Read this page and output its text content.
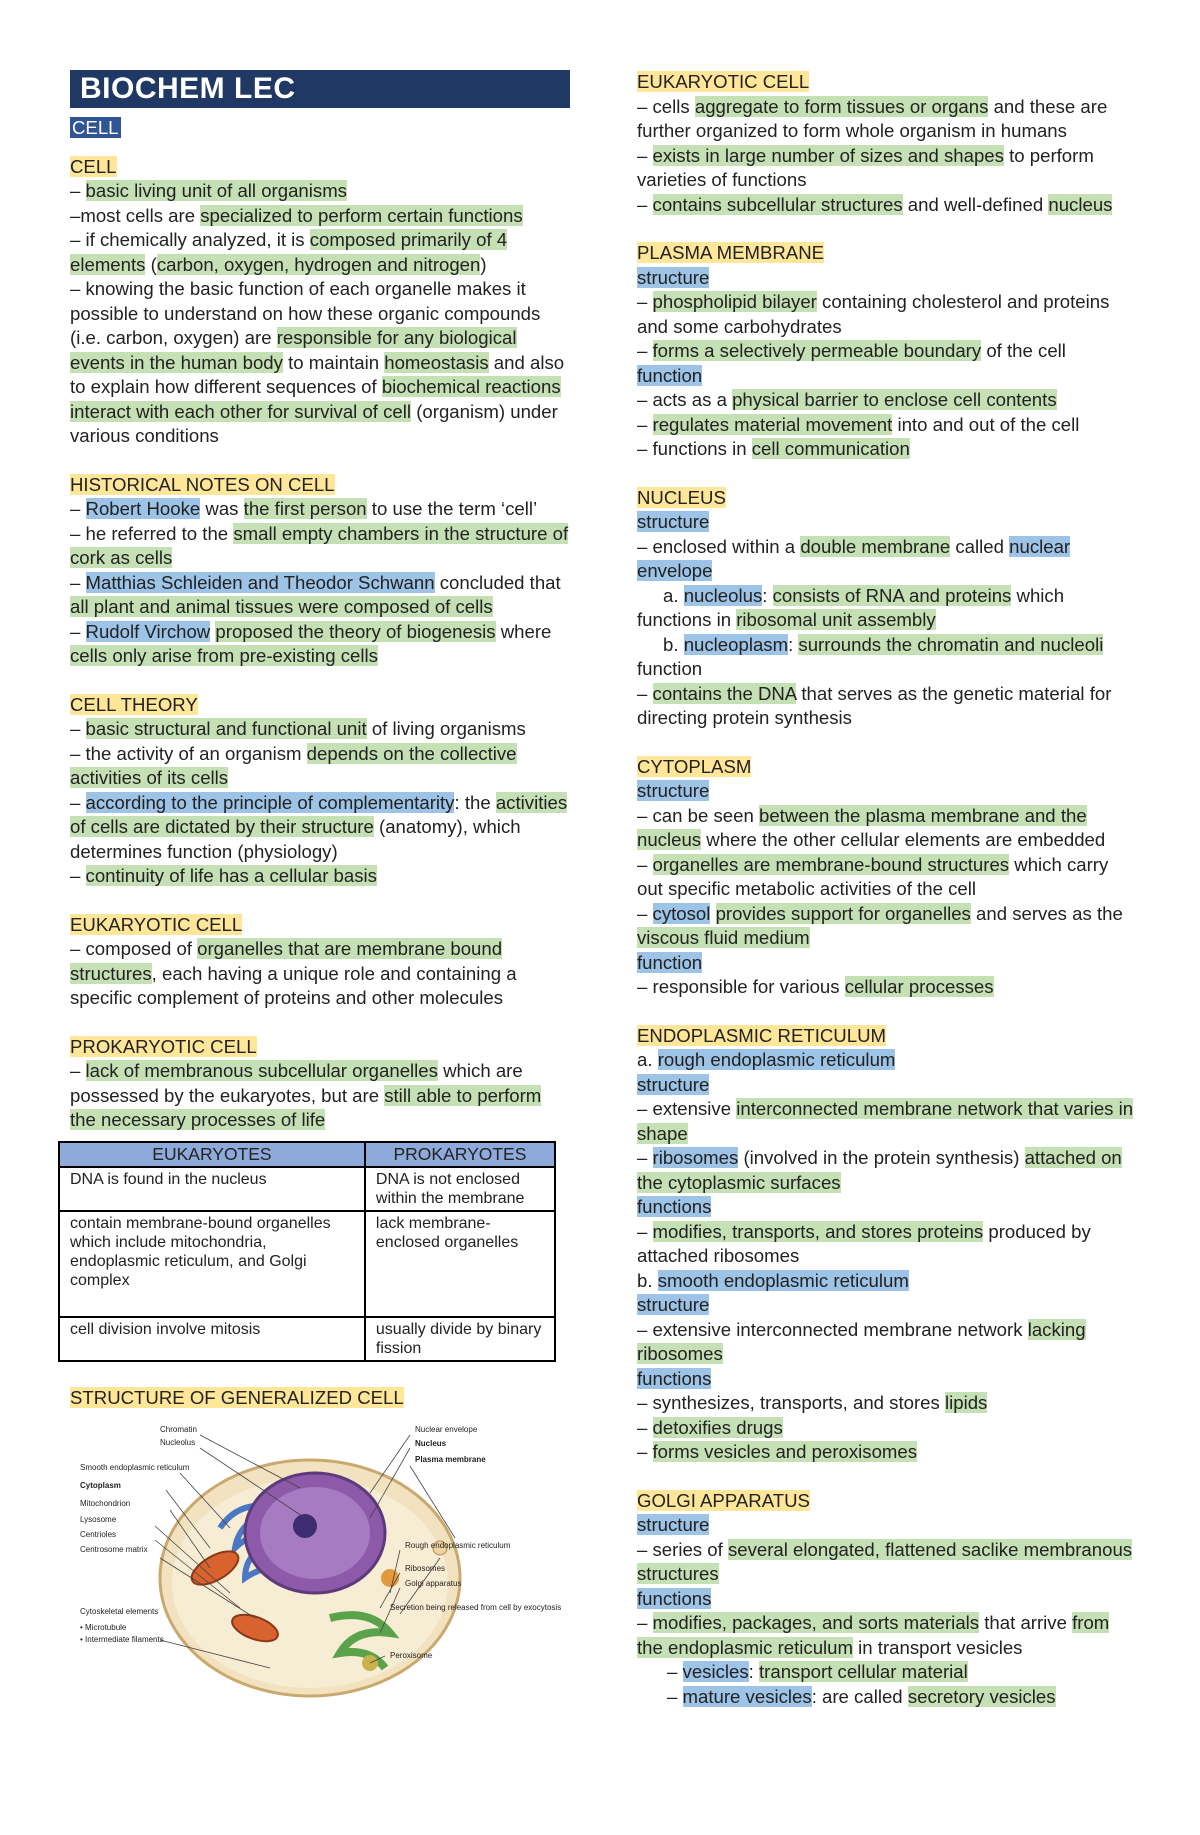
BIOCHEM LEC
CELL
CELL
– basic living unit of all organisms
–most cells are specialized to perform certain functions
– if chemically analyzed, it is composed primarily of 4 elements (carbon, oxygen, hydrogen and nitrogen)
– knowing the basic function of each organelle makes it possible to understand on how these organic compounds (i.e. carbon, oxygen) are responsible for any biological events in the human body to maintain homeostasis and also to explain how different sequences of biochemical reactions interact with each other for survival of cell (organism) under various conditions
HISTORICAL NOTES ON CELL
– Robert Hooke was the first person to use the term ‘cell’
– he referred to the small empty chambers in the structure of cork as cells
– Matthias Schleiden and Theodor Schwann concluded that all plant and animal tissues were composed of cells
– Rudolf Virchow proposed the theory of biogenesis where cells only arise from pre-existing cells
CELL THEORY
– basic structural and functional unit of living organisms
– the activity of an organism depends on the collective activities of its cells
– according to the principle of complementarity: the activities of cells are dictated by their structure (anatomy), which determines function (physiology)
– continuity of life has a cellular basis
EUKARYOTIC CELL
– composed of organelles that are membrane bound structures, each having a unique role and containing a specific complement of proteins and other molecules
PROKARYOTIC CELL
– lack of membranous subcellular organelles which are possessed by the eukaryotes, but are still able to perform the necessary processes of life
EUKARYOTES	PROKARYOTES
DNA is found in the nucleus	DNA is not enclosed within the membrane
contain membrane-bound organelles which include mitochondria, endoplasmic reticulum, and Golgi complex	lack membrane-enclosed organelles
cell division involve mitosis	usually divide by binary fission
STRUCTURE OF GENERALIZED CELL
Chromatin
Nucleolus
Smooth endoplasmic reticulum
Cytoplasm
Mitochondrion
Lysosome
Centrioles
Centrosome matrix
Cytoskeletal elements
• Microtubule
• Intermediate filaments
Nuclear envelope
Nucleus
Plasma membrane
Rough endoplasmic reticulum
Ribosomes
Golgi apparatus
Secretion being released from cell by exocytosis
Peroxisome
EUKARYOTIC CELL
– cells aggregate to form tissues or organs and these are further organized to form whole organism in humans
– exists in large number of sizes and shapes to perform varieties of functions
– contains subcellular structures and well-defined nucleus
PLASMA MEMBRANE
structure
– phospholipid bilayer containing cholesterol and proteins and some carbohydrates
– forms a selectively permeable boundary of the cell
function
– acts as a physical barrier to enclose cell contents
– regulates material movement into and out of the cell
– functions in cell communication
NUCLEUS
structure
– enclosed within a double membrane called nuclear envelope
a. nucleolus: consists of RNA and proteins which functions in ribosomal unit assembly
b. nucleoplasm: surrounds the chromatin and nucleoli function
– contains the DNA that serves as the genetic material for directing protein synthesis
CYTOPLASM
structure
– can be seen between the plasma membrane and the nucleus where the other cellular elements are embedded
– organelles are membrane-bound structures which carry out specific metabolic activities of the cell
– cytosol provides support for organelles and serves as the viscous fluid medium
function
– responsible for various cellular processes
ENDOPLASMIC RETICULUM
a. rough endoplasmic reticulum
structure
– extensive interconnected membrane network that varies in shape
– ribosomes (involved in the protein synthesis) attached on the cytoplasmic surfaces
functions
– modifies, transports, and stores proteins produced by attached ribosomes
b. smooth endoplasmic reticulum
structure
– extensive interconnected membrane network lacking ribosomes
functions
– synthesizes, transports, and stores lipids
– detoxifies drugs
– forms vesicles and peroxisomes
GOLGI APPARATUS
structure
– series of several elongated, flattened saclike membranous structures
functions
– modifies, packages, and sorts materials that arrive from the endoplasmic reticulum in transport vesicles
– vesicles: transport cellular material
– mature vesicles: are called secretory vesicles
